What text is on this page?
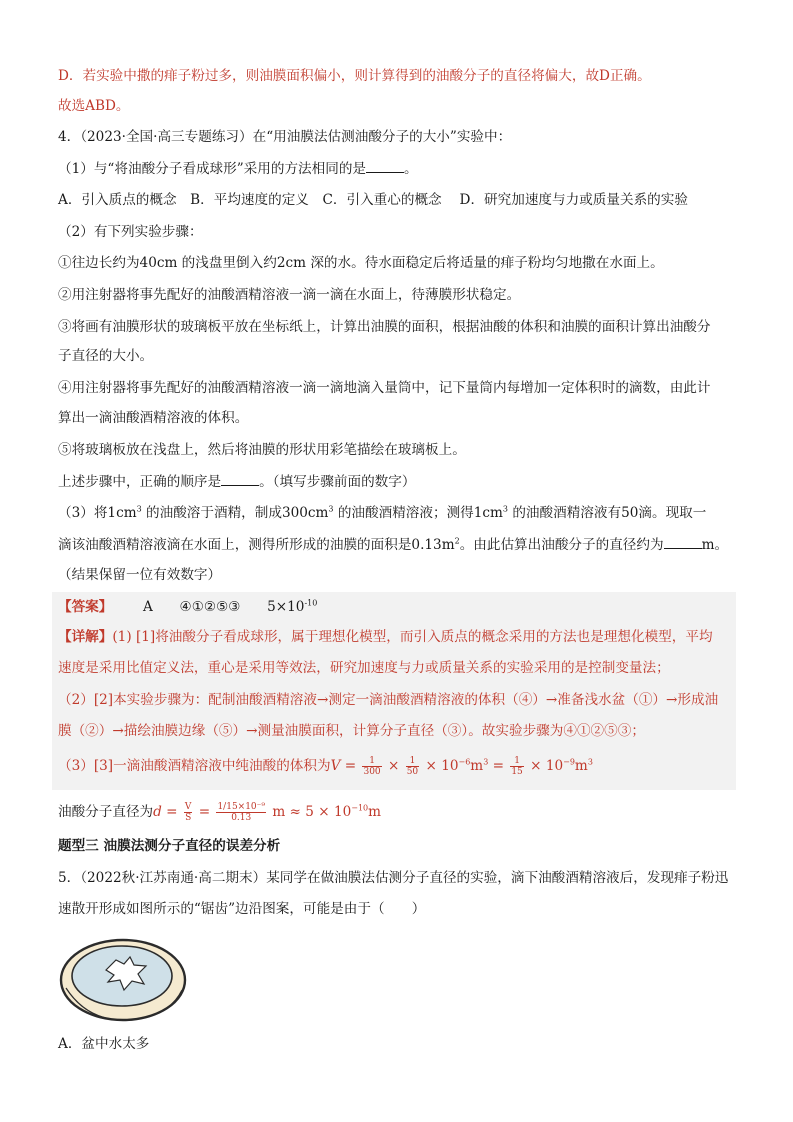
D．若实验中撒的痱子粉过多，则油膜面积偏小，则计算得到的油酸分子的直径将偏大，故D正确。
故选ABD。
4．（2023·全国·高三专题练习）在“用油膜法估测油酸分子的大小”实验中：
（1）与“将油酸分子看成球形”采用的方法相同的是	。
A．引入质点的概念　B．平均速度的定义　C．引入重心的概念　 D．研究加速度与力或质量关系的实验
（2）有下列实验步骤：
①往边长约为40cm 的浅盘里倒入约2cm 深的水。待水面稳定后将适量的痱子粉均匀地撒在水面上。
②用注射器将事先配好的油酸酒精溶液一滴一滴在水面上，待薄膜形状稳定。
③将画有油膜形状的玻璃板平放在坐标纸上，计算出油膜的面积，根据油酸的体积和油膜的面积计算出油酸分
子直径的大小。
④用注射器将事先配好的油酸酒精溶液一滴一滴地滴入量筒中，记下量筒内每增加一定体积时的滴数，由此计
算出一滴油酸酒精溶液的体积。
⑤将玻璃板放在浅盘上，然后将油膜的形状用彩笔描绘在玻璃板上。
上述步骤中，正确的顺序是	。（填写步骤前面的数字）
（3）将$1cm^3$ 的油酸溶于酒精，制成$300cm^3$ 的油酸酒精溶液；测得$1cm^3$ 的油酸酒精溶液有50滴。现取一
滴该油酸酒精溶液滴在水面上，测得所形成的油膜的面积是$0.13m^2$。由此估算出油酸分子的直径约为	m。
（结果保留一位有效数字）
【答案】 A ④①②⑤③ $5\times 10^{-10}$
【详解】(1) [1]将油酸分子看成球形，属于理想化模型，而引入质点的概念采用的方法也是理想化模型，平均
速度是采用比值定义法，重心是采用等效法，研究加速度与力或质量关系的实验采用的是控制变量法；
（2）[2]本实验步骤为：配制油酸酒精溶液→测定一滴油酸酒精溶液的体积（④）→准备浅水盆（①）→形成油
膜（②）→描绘油膜边缘（⑤）→测量油膜面积，计算分子直径（③）。故实验步骤为④①②⑤③；
（3）[3]一滴油酸酒精溶液中纯油酸的体积为$V = \frac{1}{300} \times \frac{1}{50} \times 10^{-6}m^3 = \frac{1}{15} \times 10^{-9}m^3$
油酸分子直径为$d = \frac{V}{S} = \frac{\text{1/15×10⁻⁹}}{0.13}$ $m \approx 5 \times 10^{-10}m$
题型三 油膜法测分子直径的误差分析
5．（2022秋·江苏南通·高二期末）某同学在做油膜法估测分子直径的实验，滴下油酸酒精溶液后，发现痱子粉迅
速散开形成如图所示的“锯齿”边沿图案，可能是由于（　　）
A．盆中水太多
